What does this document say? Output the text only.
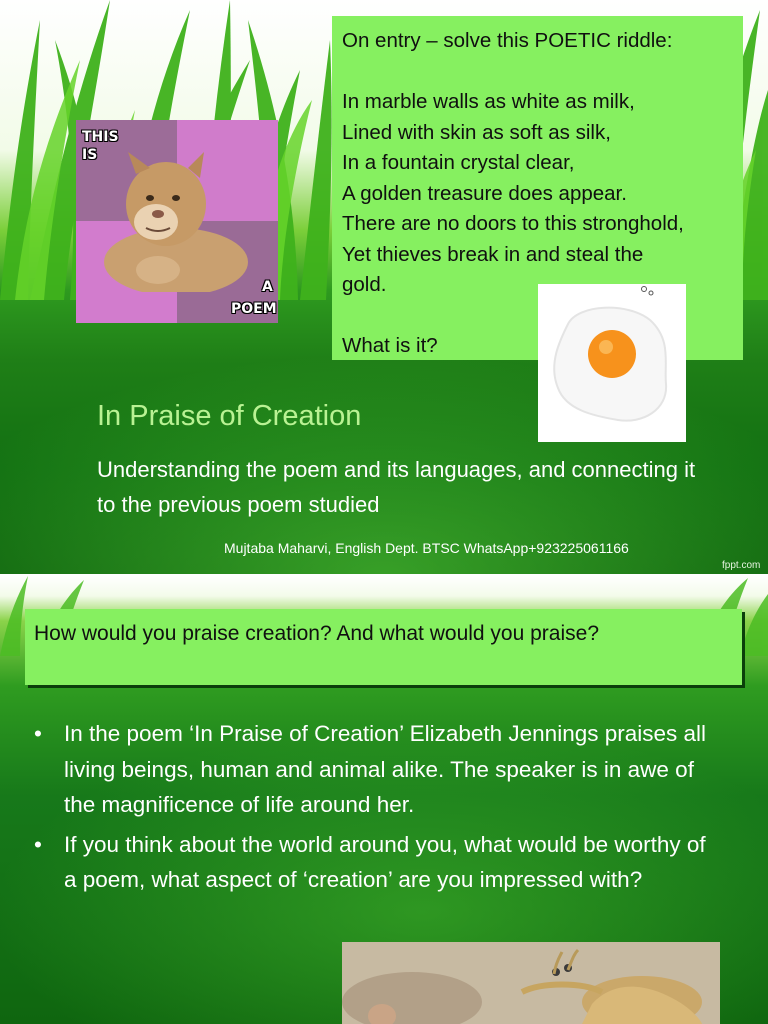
On entry – solve this POETIC riddle:

In marble walls as white as milk,
Lined with skin as soft as silk,
In a fountain crystal clear,
A golden treasure does appear.
There are no doors to this stronghold,
Yet thieves break in and steal the
gold.

What is it?

THIS
IS
A
POEM
In Praise of Creation
Understanding the poem and its languages, and connecting it to the previous poem studied
Mujtaba Maharvi, English Dept. BTSC WhatsApp+923225061166
fppt.com
How would you praise creation? And what would you praise?
• In the poem ‘In Praise of Creation’ Elizabeth Jennings praises all living beings, human and animal alike. The speaker is in awe of the magnificence of life around her.
• If you think about the world around you, what would be worthy of a poem, what aspect of ‘creation’ are you impressed with?
